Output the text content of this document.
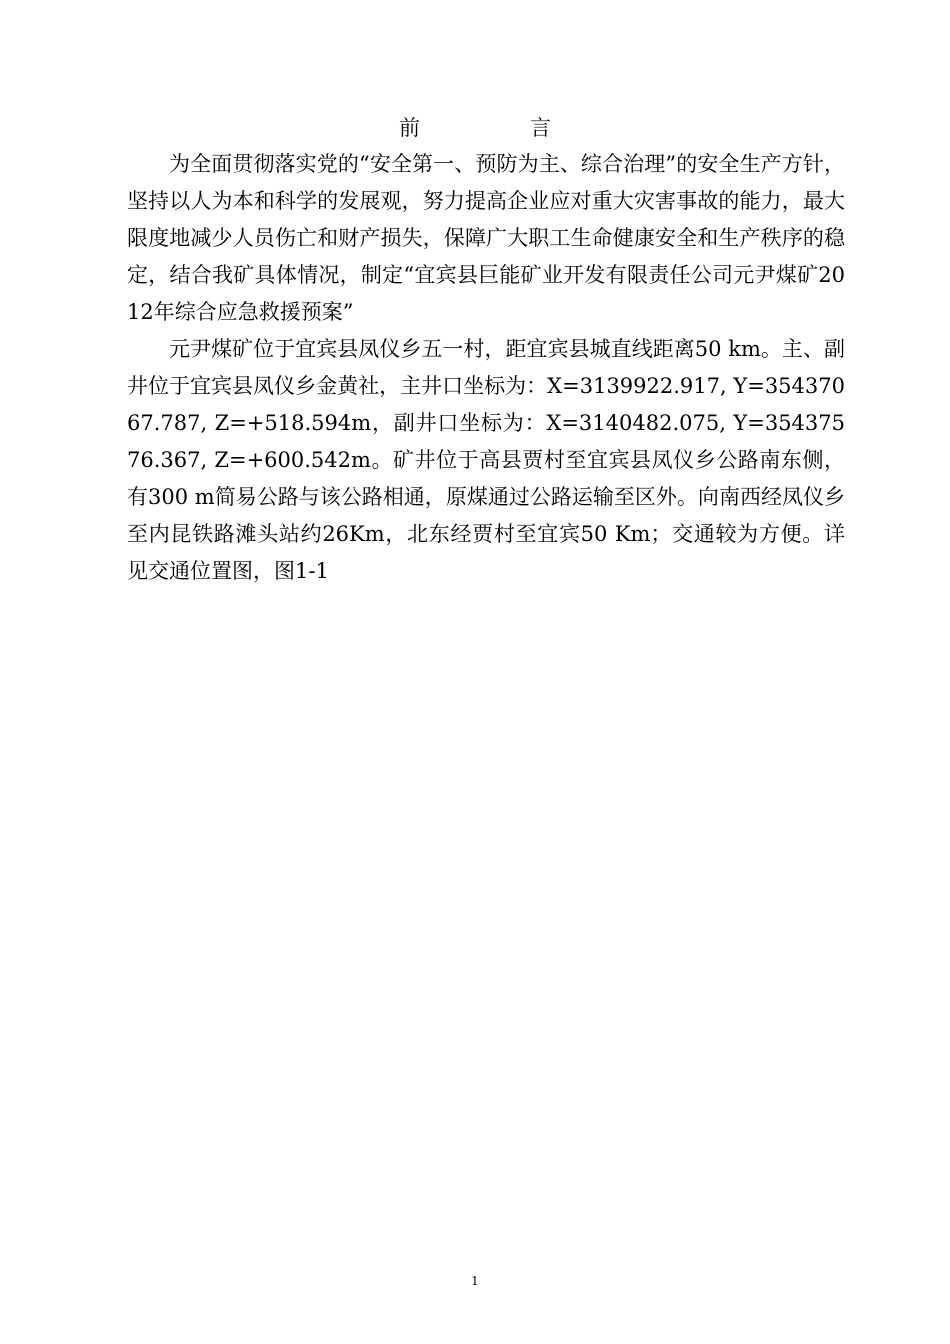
前	言

为全面贯彻落实党的“安全第一、预防为主、综合治理”的安全生产方针，坚持以人为本和科学的发展观，努力提高企业应对重大灾害事故的能力，最大限度地减少人员伤亡和财产损失，保障广大职工生命健康安全和生产秩序的稳定，结合我矿具体情况，制定“宜宾县巨能矿业开发有限责任公司元尹煤矿2012年综合应急救援预案”

元尹煤矿位于宜宾县凤仪乡五一村，距宜宾县城直线距离50 km。主、副井位于宜宾县凤仪乡金黄社，主井口坐标为：X=3139922.917, Y=35437067.787, Z=+518.594m，副井口坐标为：X=3140482.075, Y=35437576.367, Z=+600.542m。矿井位于高县贾村至宜宾县凤仪乡公路南东侧，有300 m简易公路与该公路相通，原煤通过公路运输至区外。向南西经凤仪乡至内昆铁路滩头站约26Km，北东经贾村至宜宾50 Km；交通较为方便。详见交通位置图，图1-1

1
